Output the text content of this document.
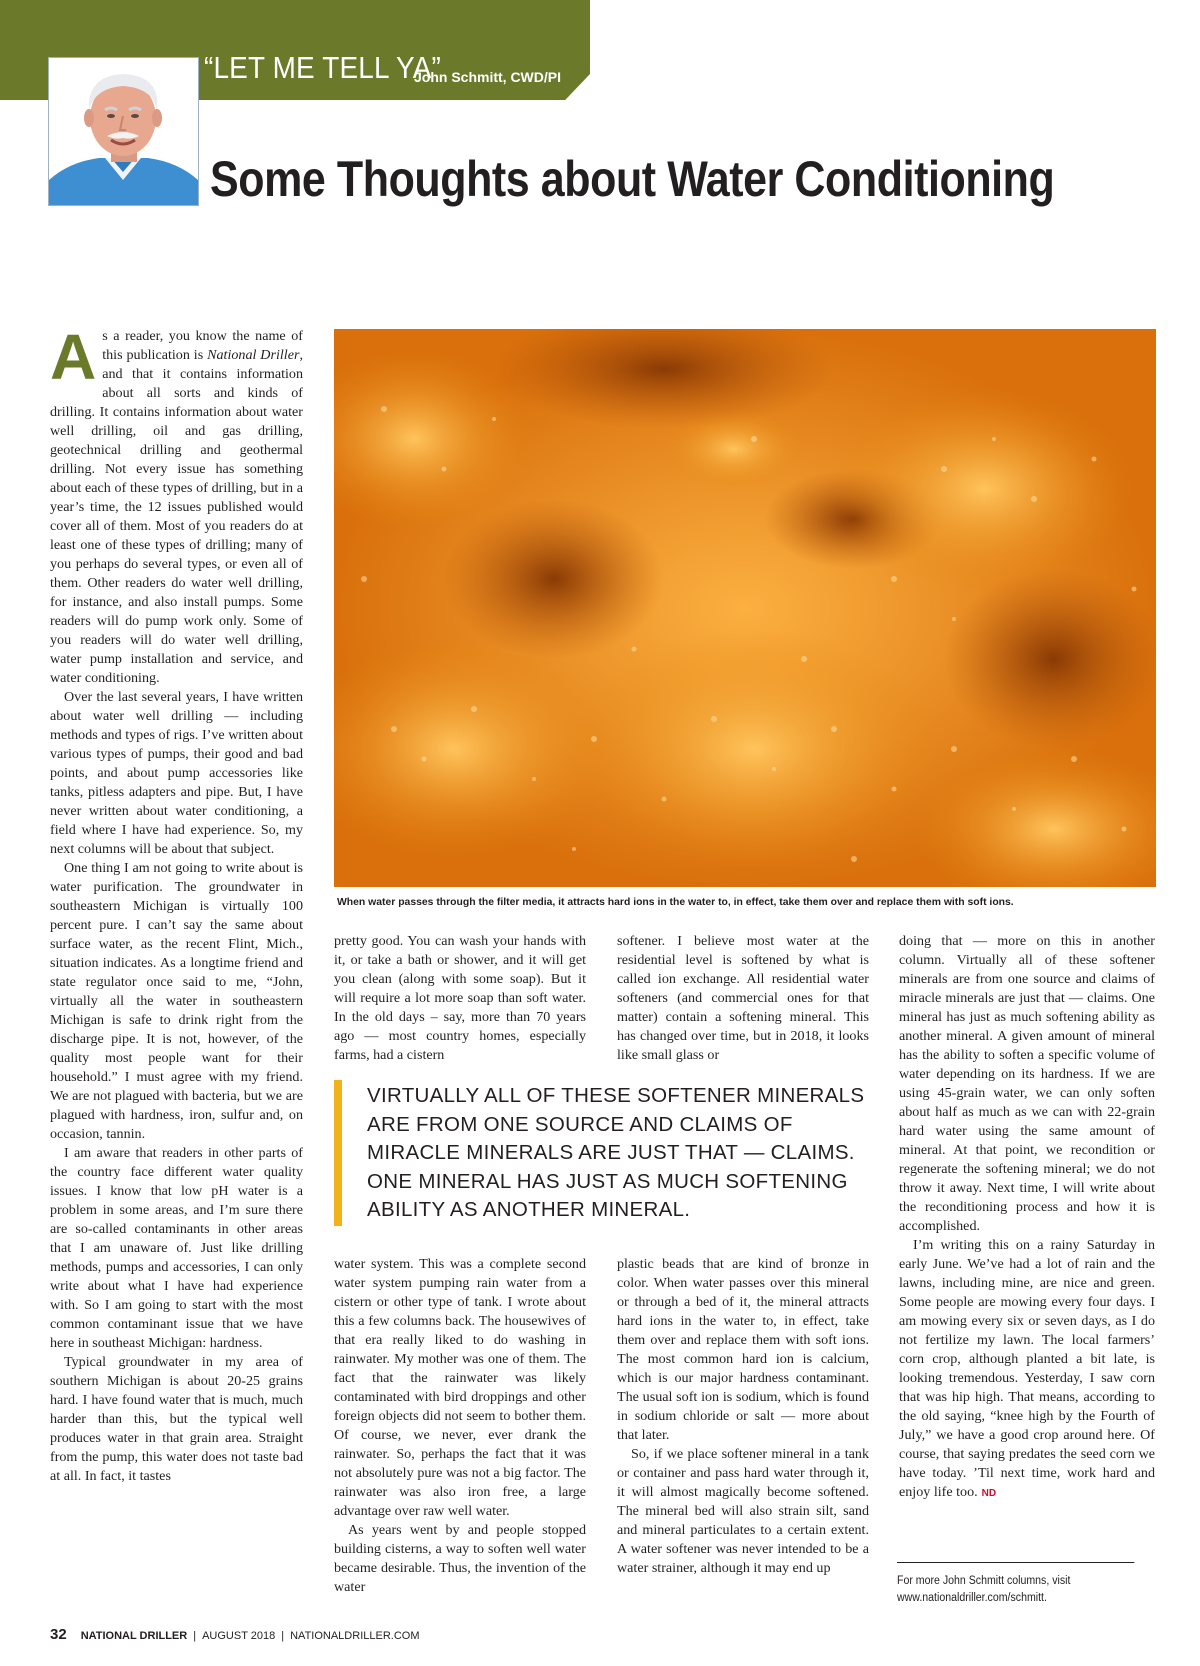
“LET ME TELL YA”
John Schmitt, CWD/PI
Some Thoughts about Water Conditioning

As a reader, you know the name of this publication is National Driller, and that it contains information about all sorts and kinds of drilling. It contains information about water well drilling, oil and gas drilling, geotechnical drilling and geothermal drilling. Not every issue has something about each of these types of drilling, but in a year’s time, the 12 issues published would cover all of them. Most of you readers do at least one of these types of drilling; many of you perhaps do several types, or even all of them. Other readers do water well drilling, for instance, and also install pumps. Some readers will do pump work only. Some of you readers will do water well drilling, water pump installation and service, and water conditioning.

Over the last several years, I have written about water well drilling — including methods and types of rigs. I’ve written about various types of pumps, their good and bad points, and about pump accessories like tanks, pitless adapters and pipe. But, I have never written about water conditioning, a field where I have had experience. So, my next columns will be about that subject.

One thing I am not going to write about is water purification. The groundwater in southeastern Michigan is virtually 100 percent pure. I can’t say the same about surface water, as the recent Flint, Mich., situation indicates. As a longtime friend and state regulator once said to me, “John, virtually all the water in southeastern Michigan is safe to drink right from the discharge pipe. It is not, however, of the quality most people want for their household.” I must agree with my friend. We are not plagued with bacteria, but we are plagued with hardness, iron, sulfur and, on occasion, tannin.

I am aware that readers in other parts of the country face different water quality issues. I know that low pH water is a problem in some areas, and I’m sure there are so-called contaminants in other areas that I am unaware of. Just like drilling methods, pumps and accessories, I can only write about what I have had experience with. So I am going to start with the most common contaminant issue that we have here in southeast Michigan: hardness.

Typical groundwater in my area of southern Michigan is about 20-25 grains hard. I have found water that is much, much harder than this, but the typical well produces water in that grain area. Straight from the pump, this water does not taste bad at all. In fact, it tastes

When water passes through the filter media, it attracts hard ions in the water to, in effect, take them over and replace them with soft ions.

pretty good. You can wash your hands with it, or take a bath or shower, and it will get you clean (along with some soap). But it will require a lot more soap than soft water. In the old days – say, more than 70 years ago — most country homes, especially farms, had a cistern

water system. This was a complete second water system pumping rain water from a cistern or other type of tank. I wrote about this a few columns back. The housewives of that era really liked to do washing in rainwater. My mother was one of them. The fact that the rainwater was likely contaminated with bird droppings and other foreign objects did not seem to bother them. Of course, we never, ever drank the rainwater. So, perhaps the fact that it was not absolutely pure was not a big factor. The rainwater was also iron free, a large advantage over raw well water.

As years went by and people stopped building cisterns, a way to soften well water became desirable. Thus, the invention of the water

softener. I believe most water at the residential level is softened by what is called ion exchange. All residential water softeners (and commercial ones for that matter) contain a softening mineral. This has changed over time, but in 2018, it looks like small glass or

plastic beads that are kind of bronze in color. When water passes over this mineral or through a bed of it, the mineral attracts hard ions in the water to, in effect, take them over and replace them with soft ions. The most common hard ion is calcium, which is our major hardness contaminant. The usual soft ion is sodium, which is found in sodium chloride or salt — more about that later.

So, if we place softener mineral in a tank or container and pass hard water through it, it will almost magically become softened. The mineral bed will also strain silt, sand and mineral particulates to a certain extent. A water softener was never intended to be a water strainer, although it may end up

VIRTUALLY ALL OF THESE SOFTENER MINERALS ARE FROM ONE SOURCE AND CLAIMS OF MIRACLE MINERALS ARE JUST THAT — CLAIMS. ONE MINERAL HAS JUST AS MUCH SOFTENING ABILITY AS ANOTHER MINERAL.

doing that — more on this in another column. Virtually all of these softener minerals are from one source and claims of miracle minerals are just that — claims. One mineral has just as much softening ability as another mineral. A given amount of mineral has the ability to soften a specific volume of water depending on its hardness. If we are using 45-grain water, we can only soften about half as much as we can with 22-grain hard water using the same amount of mineral. At that point, we recondition or regenerate the softening mineral; we do not throw it away. Next time, I will write about the reconditioning process and how it is accomplished.

I’m writing this on a rainy Saturday in early June. We’ve had a lot of rain and the lawns, including mine, are nice and green. Some people are mowing every four days. I am mowing every six or seven days, as I do not fertilize my lawn. The local farmers’ corn crop, although planted a bit late, is looking tremendous. Yesterday, I saw corn that was hip high. That means, according to the old saying, “knee high by the Fourth of July,” we have a good crop around here. Of course, that saying predates the seed corn we have today. ’Til next time, work hard and enjoy life too. ND

For more John Schmitt columns, visit www.nationaldriller.com/schmitt.
32 NATIONAL DRILLER | AUGUST 2018 | NATIONALDRILLER.COM
